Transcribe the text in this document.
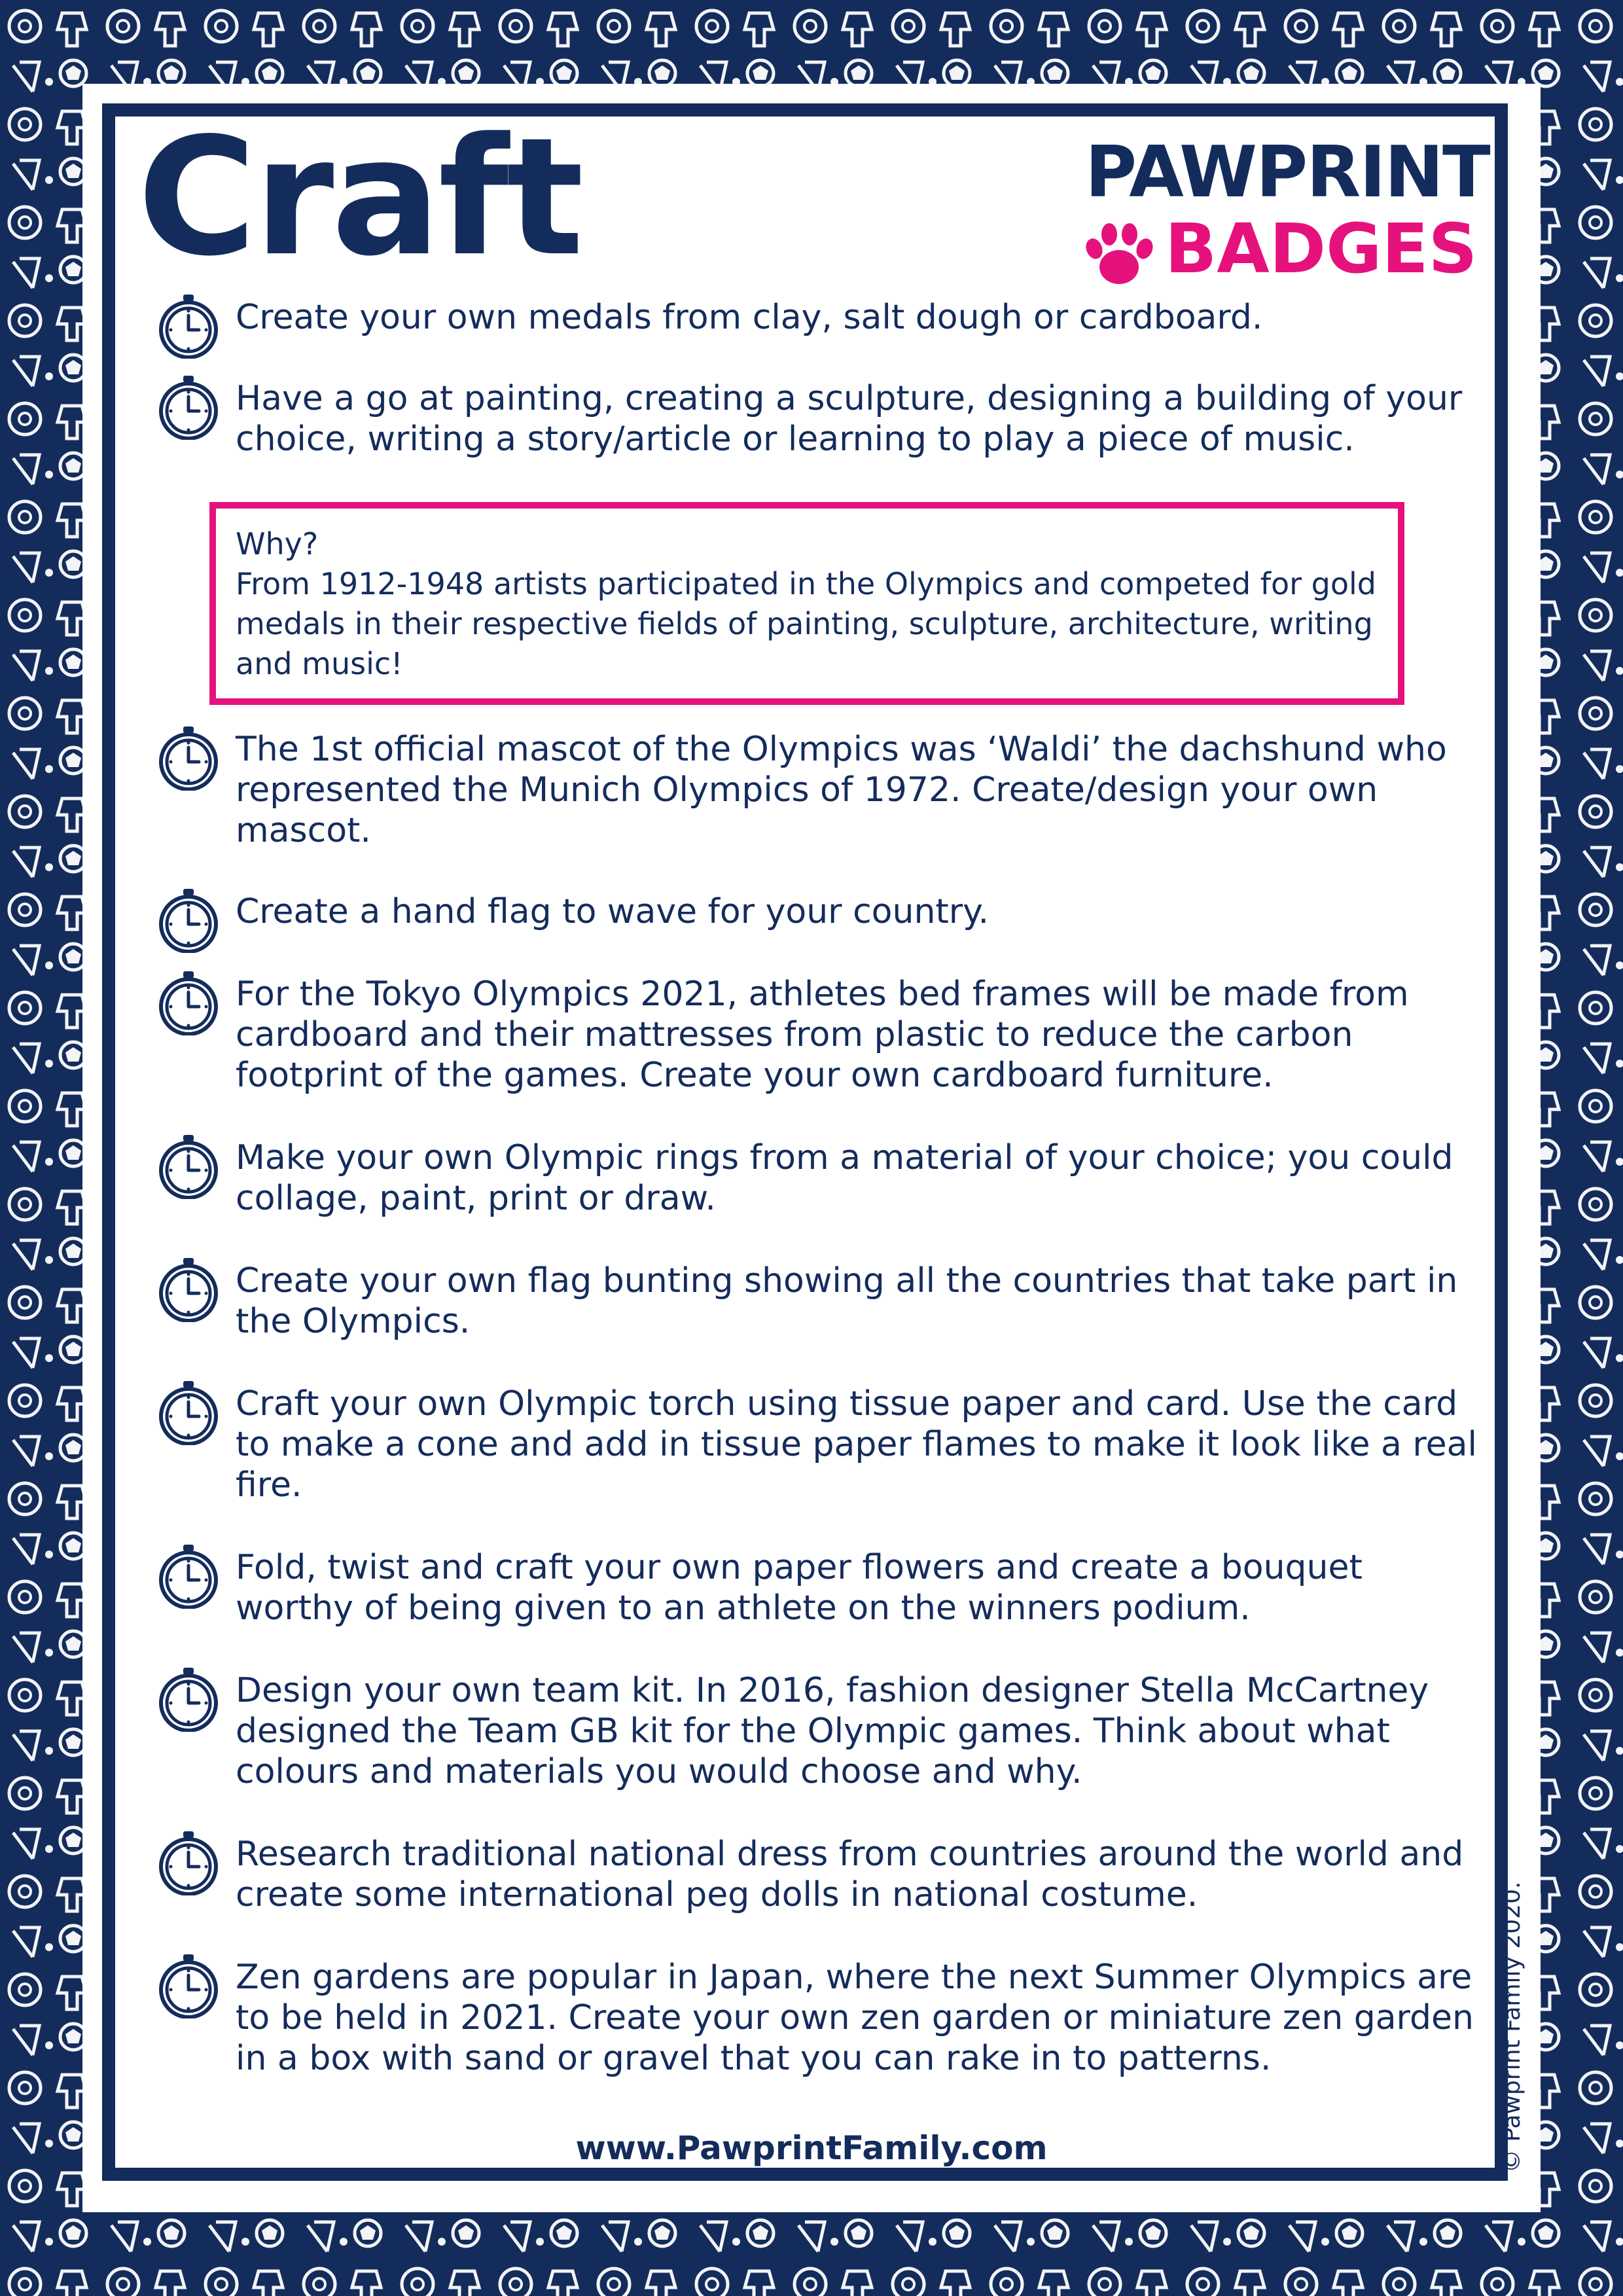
Craft	PAWPRINT
BADGES

Create your own medals from clay, salt dough or cardboard.

Have a go at painting, creating a sculpture, designing a building of your choice, writing a story/article or learning to play a piece of music.

The 1st official mascot of the Olympics was ‘Waldi’ the dachshund who represented the Munich Olympics of 1972. Create/design your own mascot.

Create a hand flag to wave for your country.

For the Tokyo Olympics 2021, athletes bed frames will be made from cardboard and their mattresses from plastic to reduce the carbon footprint of the games. Create your own cardboard furniture.

Make your own Olympic rings from a material of your choice; you could collage, paint, print or draw.

Create your own flag bunting showing all the countries that take part in the Olympics.

Craft your own Olympic torch using tissue paper and card. Use the card to make a cone and add in tissue paper flames to make it look like a real fire.

Fold, twist and craft your own paper flowers and create a bouquet worthy of being given to an athlete on the winners podium.

Design your own team kit. In 2016, fashion designer Stella McCartney designed the Team GB kit for the Olympic games. Think about what colours and materials you would choose and why.

Research traditional national dress from countries around the world and create some international peg dolls in national costume.

Zen gardens are popular in Japan, where the next Summer Olympics are to be held in 2021. Create your own zen garden or miniature zen garden in a box with sand or gravel that you can rake in to patterns.

Why?

From 1912-1948 artists participated in the Olympics and competed for gold medals in their respective fields of painting, sculpture, architecture, writing and music!

www.PawprintFamily.com	© Pawprint Family 2020.
